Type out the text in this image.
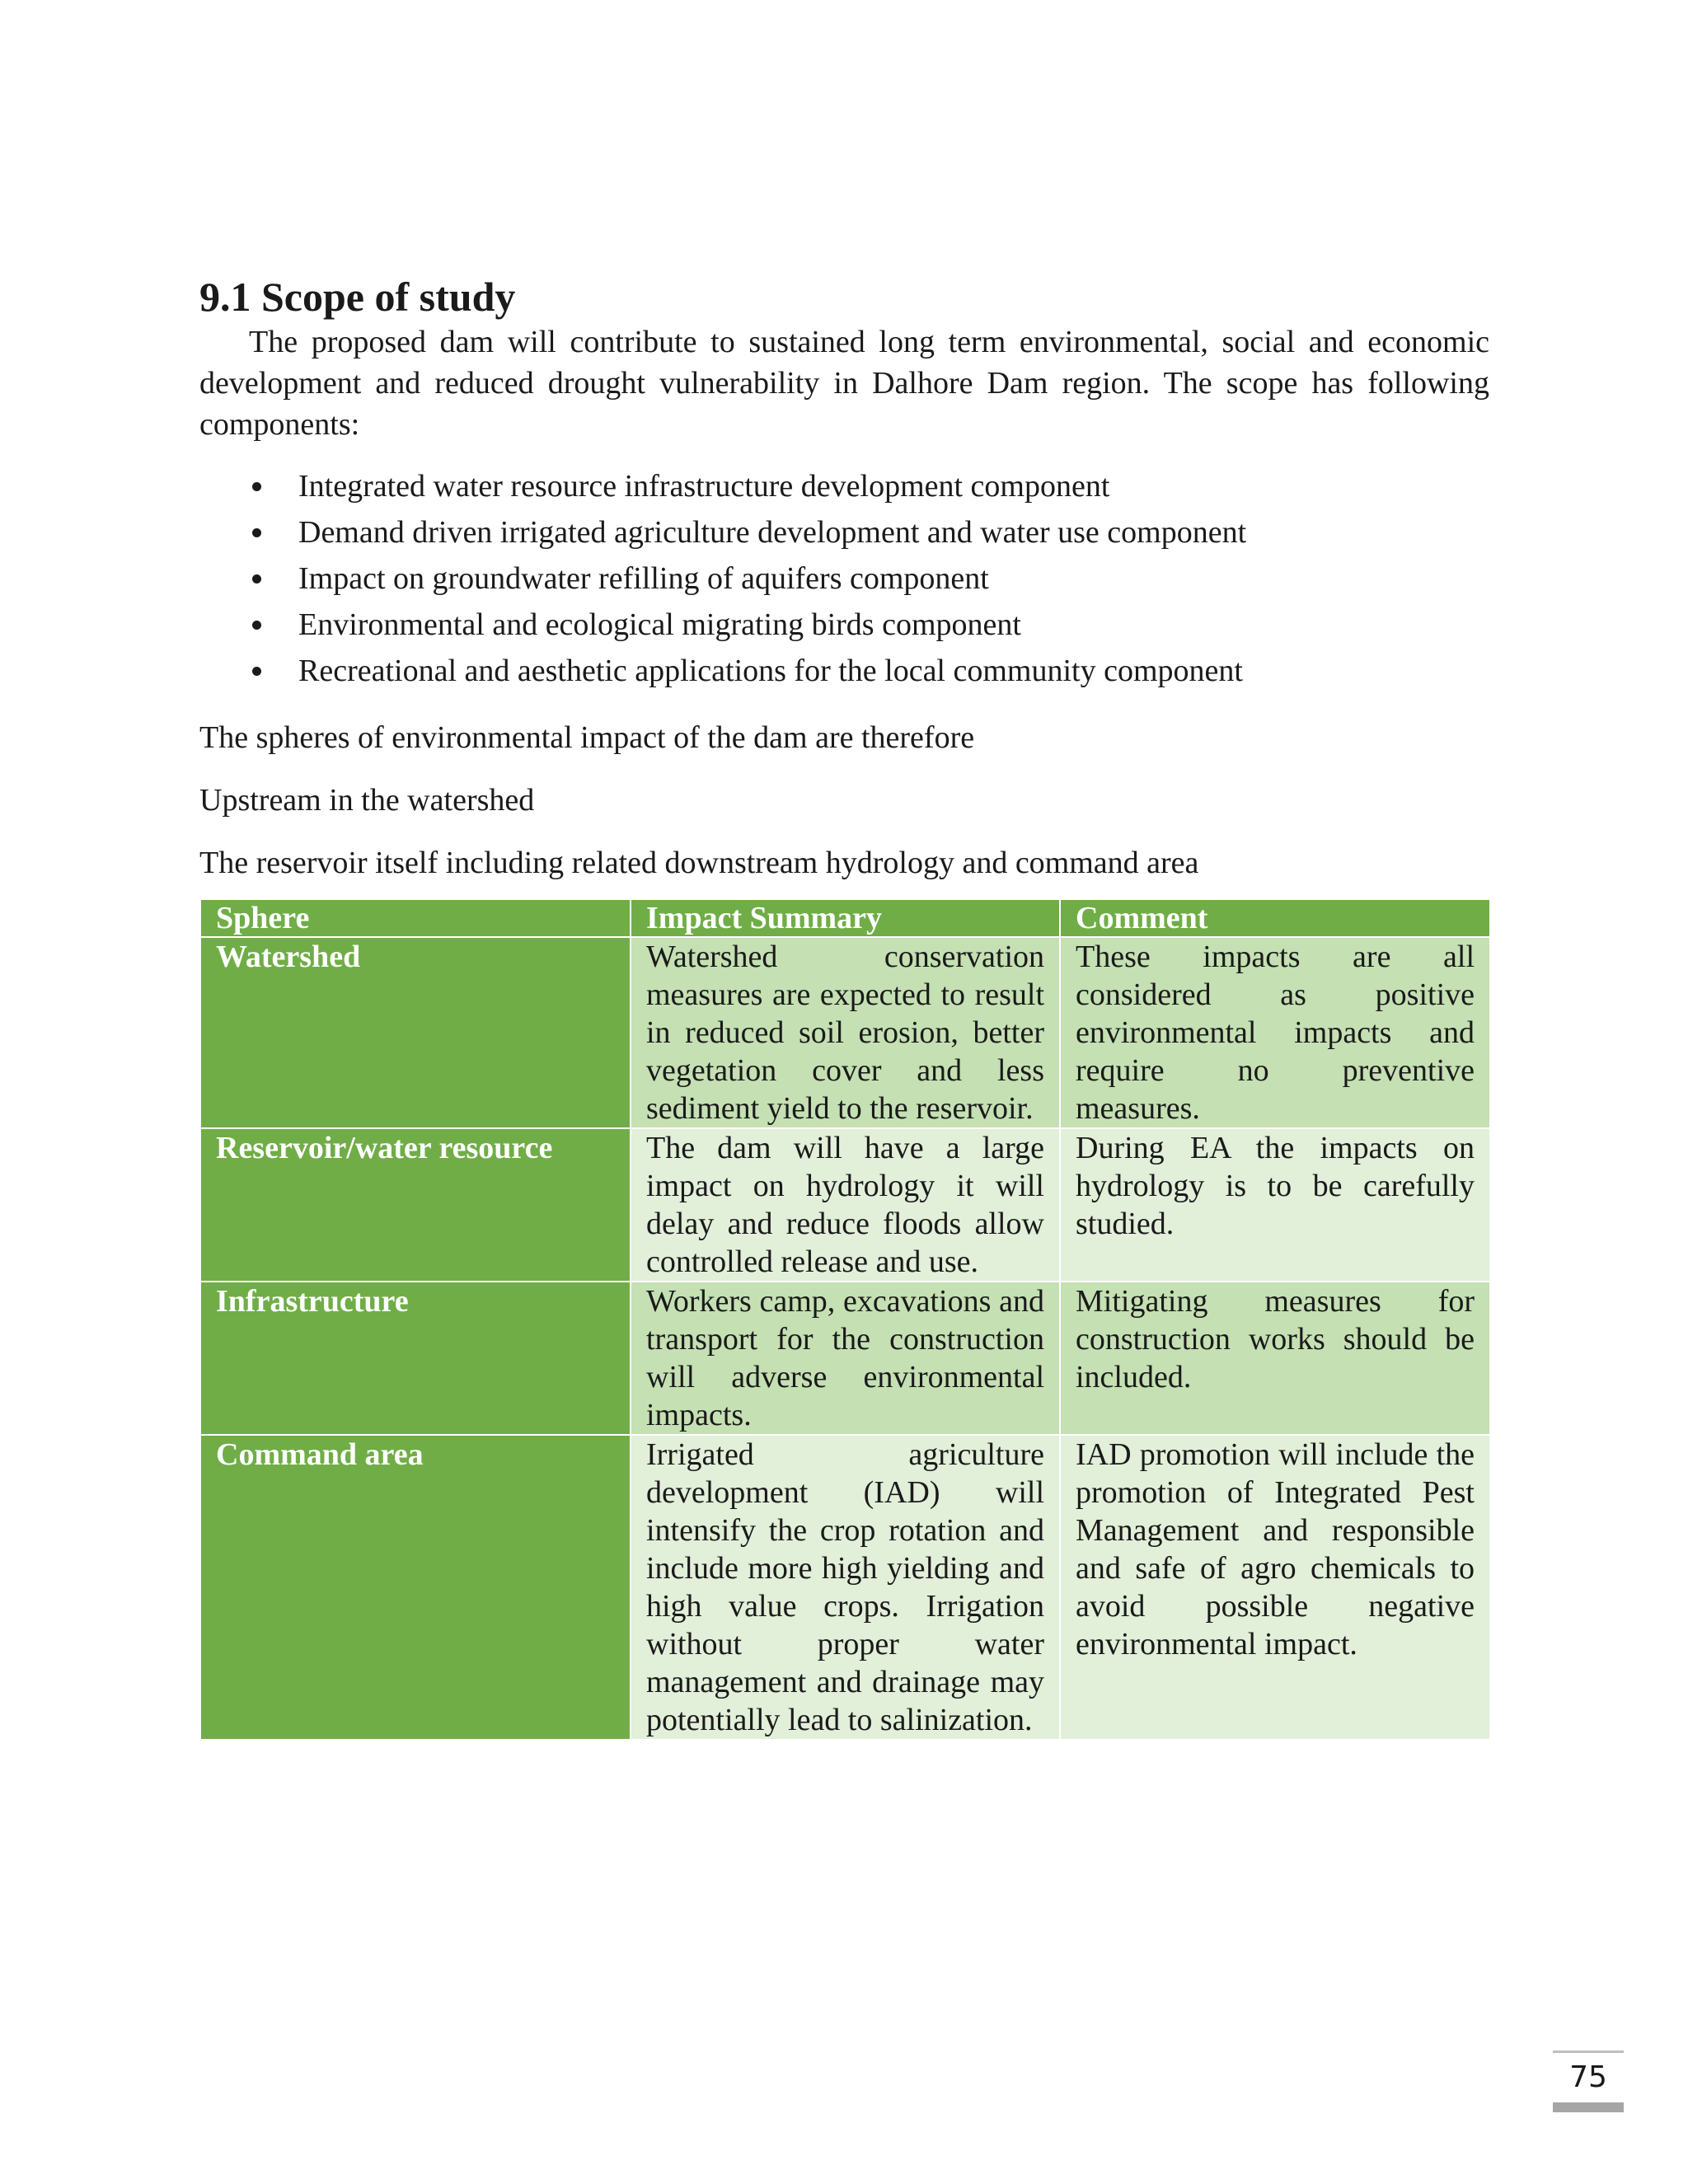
9.1 Scope of study

The proposed dam will contribute to sustained long term environmental, social and economic development and reduced drought vulnerability in Dalhore Dam region. The scope has following components:

Integrated water resource infrastructure development component
Demand driven irrigated agriculture development and water use component
Impact on groundwater refilling of aquifers component
Environmental and ecological migrating birds component
Recreational and aesthetic applications for the local community component

The spheres of environmental impact of the dam are therefore

Upstream in the watershed

The reservoir itself including related downstream hydrology and command area

Sphere	Impact Summary	Comment
Watershed	Watershed conservation measures are expected to result in reduced soil erosion, better vegetation cover and less sediment yield to the reservoir.	These impacts are all considered as positive environmental impacts and require no preventive measures.
Reservoir/water resource	The dam will have a large impact on hydrology it will delay and reduce floods allow controlled release and use.	During EA the impacts on hydrology is to be carefully studied.
Infrastructure	Workers camp, excavations and transport for the construction will adverse environmental impacts.	Mitigating measures for construction works should be included.
Command area	Irrigated agriculture development (IAD) will intensify the crop rotation and include more high yielding and high value crops. Irrigation without proper water management and drainage may potentially lead to salinization.	IAD promotion will include the promotion of Integrated Pest Management and responsible and safe of agro chemicals to avoid possible negative environmental impact.
75
